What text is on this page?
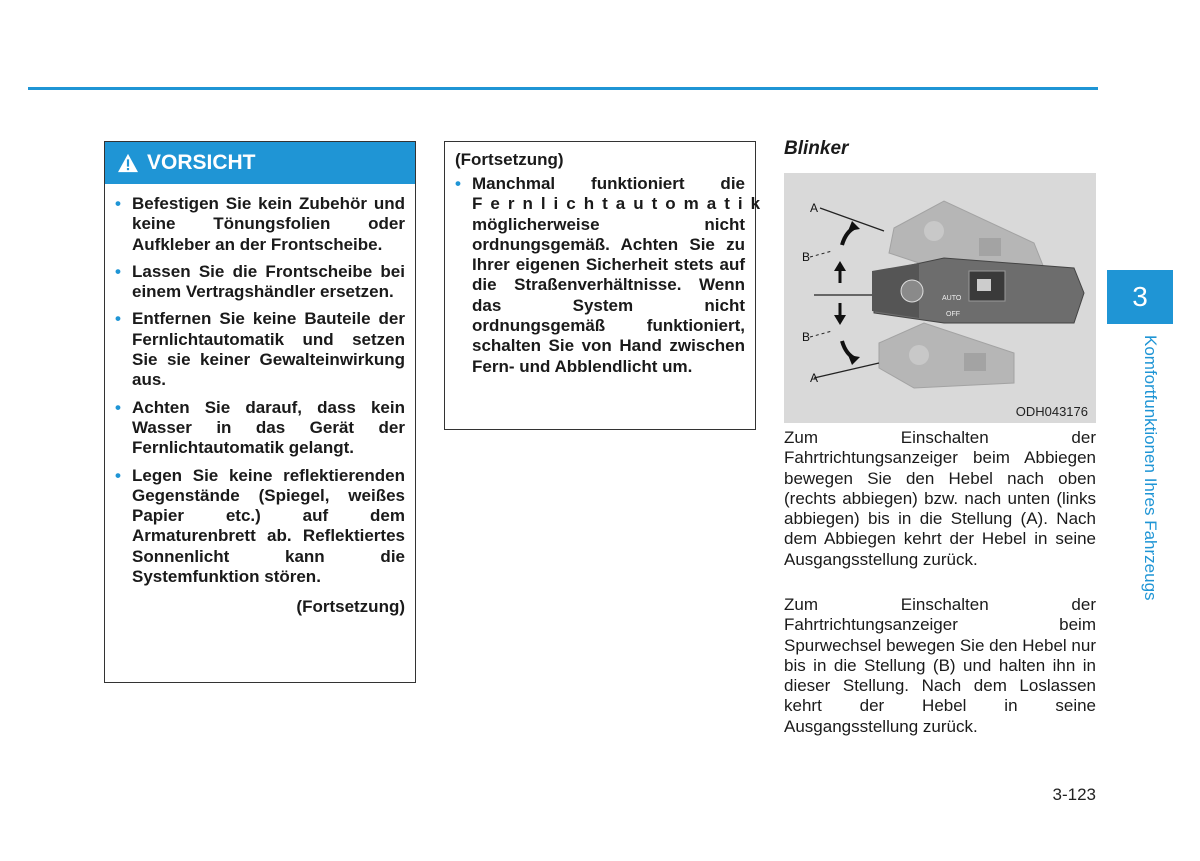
VORSICHT
• Befestigen Sie kein Zubehör und keine Tönungsfolien oder Aufkleber an der Frontscheibe.
• Lassen Sie die Frontscheibe bei einem Vertragshändler ersetzen.
• Entfernen Sie keine Bauteile der Fernlichtautomatik und setzen Sie sie keiner Gewalteinwirkung aus.
• Achten Sie darauf, dass kein Wasser in das Gerät der Fernlichtautomatik gelangt.
• Legen Sie keine reflektierenden Gegenstände (Spiegel, weißes Papier etc.) auf dem Armaturenbrett ab. Reflektiertes Sonnenlicht kann die Systemfunktion stören.
(Fortsetzung)
(Fortsetzung)
• Manchmal funktioniert die Fernlichtautomatik möglicherweise nicht ordnungsgemäß. Achten Sie zu Ihrer eigenen Sicherheit stets auf die Straßenverhältnisse. Wenn das System nicht ordnungsgemäß funktioniert, schalten Sie von Hand zwischen Fern- und Abblendlicht um.
Blinker
AUTO
OFF
A
B
B
A
ODH043176
Zum Einschalten der Fahrtrichtungsanzeiger beim Abbiegen bewegen Sie den Hebel nach oben (rechts abbiegen) bzw. nach unten (links abbiegen) bis in die Stellung (A). Nach dem Abbiegen kehrt der Hebel in seine Ausgangsstellung zurück.
Zum Einschalten der Fahrtrichtungsanzeiger beim Spurwechsel bewegen Sie den Hebel nur bis in die Stellung (B) und halten ihn in dieser Stellung. Nach dem Loslassen kehrt der Hebel in seine Ausgangsstellung zurück.
3
Komfortfunktionen Ihres Fahrzeugs
3-123
